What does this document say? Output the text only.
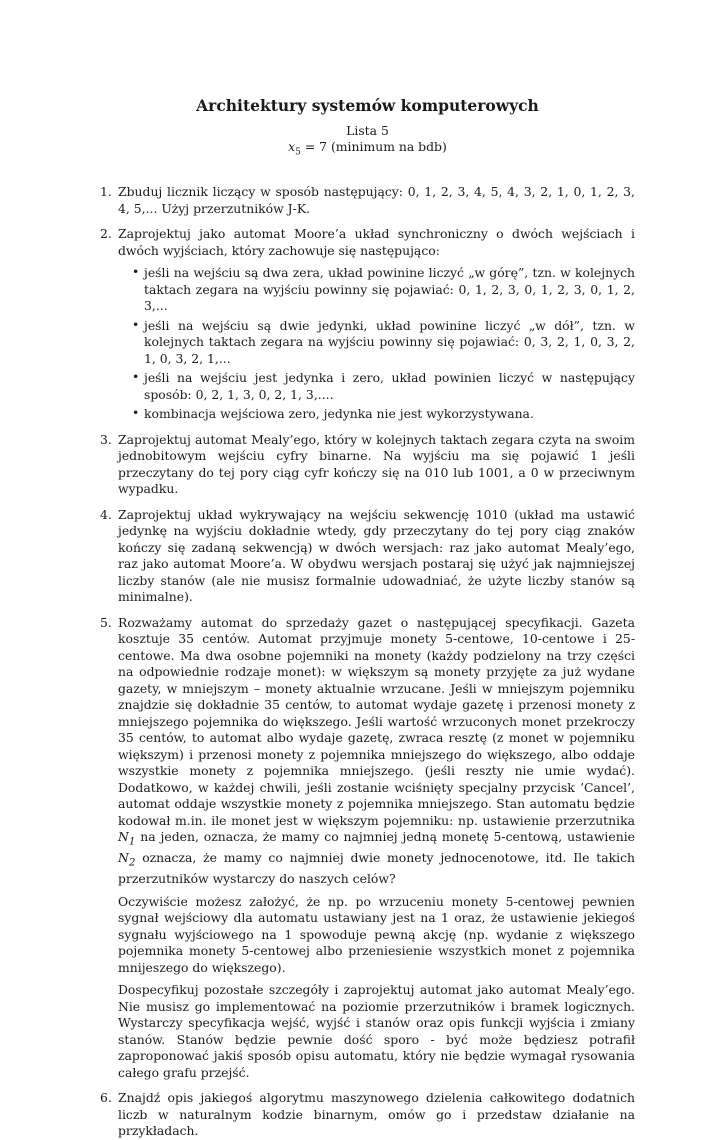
Architektury systemów komputerowych
Lista 5
$x_5 = 7$ (minimum na bdb)
1. Zbuduj licznik liczący w sposób następujący: 0, 1, 2, 3, 4, 5, 4, 3, 2, 1, 0, 1, 2, 3, 4, 5,... Użyj przerzutników J-K.
2. Zaprojektuj jako automat Moore’a układ synchroniczny o dwóch wejściach i dwóch wyjściach, który zachowuje się następująco:
• jeśli na wejściu są dwa zera, układ powinine liczyć „w górę”, tzn. w kolejnych taktach zegara na wyjściu powinny się pojawiać: 0, 1, 2, 3, 0, 1, 2, 3, 0, 1, 2, 3,...
• jeśli na wejściu są dwie jedynki, układ powinine liczyć „w dół”, tzn. w kolejnych taktach zegara na wyjściu powinny się pojawiać: 0, 3, 2, 1, 0, 3, 2, 1, 0, 3, 2, 1,...
• jeśli na wejściu jest jedynka i zero, układ powinien liczyć w następujący sposób: 0, 2, 1, 3, 0, 2, 1, 3,....
• kombinacja wejściowa zero, jedynka nie jest wykorzystywana.
3. Zaprojektuj automat Mealy’ego, który w kolejnych taktach zegara czyta na swoim jednobitowym wejściu cyfry binarne. Na wyjściu ma się pojawić 1 jeśli przeczytany do tej pory ciąg cyfr kończy się na 010 lub 1001, a 0 w przeciwnym wypadku.
4. Zaprojektuj układ wykrywający na wejściu sekwencję 1010 (układ ma ustawić jedynkę na wyjściu dokładnie wtedy, gdy przeczytany do tej pory ciąg znaków kończy się zadaną sekwencją) w dwóch wersjach: raz jako automat Mealy’ego, raz jako automat Moore’a. W obydwu wersjach postaraj się użyć jak najmniejszej liczby stanów (ale nie musisz formalnie udowadniać, że użyte liczby stanów są minimalne).
5. Rozważamy automat do sprzedaży gazet o następującej specyfikacji. Gazeta kosztuje 35 centów. Automat przyjmuje monety 5-centowe, 10-centowe i 25-centowe. Ma dwa osobne pojemniki na monety (każdy podzielony na trzy części na odpowiednie rodzaje monet): w większym są monety przyjęte za już wydane gazety, w mniejszym – monety aktualnie wrzucane. Jeśli w mniejszym pojemniku znajdzie się dokładnie 35 centów, to automat wydaje gazetę i przenosi monety z mniejszego pojemnika do większego. Jeśli wartość wrzuconych monet przekroczy 35 centów, to automat albo wydaje gazetę, zwraca resztę (z monet w pojemniku większym) i przenosi monety z pojemnika mniejszego do większego, albo oddaje wszystkie monety z pojemnika mniejszego. (jeśli reszty nie umie wydać). Dodatkowo, w każdej chwili, jeśli zostanie wciśnięty specjalny przycisk ’Cancel’, automat oddaje wszystkie monety z pojemnika mniejszego. Stan automatu będzie kodował m.in. ile monet jest w większym pojemniku: np. ustawienie przerzutnika $N_1$ na jeden, oznacza, że mamy co najmniej jedną monetę 5-centową, ustawienie $N_2$ oznacza, że mamy co najmniej dwie monety jednocenotowe, itd. Ile takich przerzutników wystarczy do naszych celów?

Oczywiście możesz założyć, że np. po wrzuceniu monety 5-centowej pewnien sygnał wejściowy dla automatu ustawiany jest na 1 oraz, że ustawienie jekiegoś sygnału wyjściowego na 1 spowoduje pewną akcję (np. wydanie z większego pojemnika monety 5-centowej albo przeniesienie wszystkich monet z pojemnika mnijeszego do większego).

Dospecyfikuj pozostałe szczegóły i zaprojektuj automat jako automat Mealy’ego. Nie musisz go implementować na poziomie przerzutników i bramek logicznych. Wystarczy specyfikacja wejść, wyjść i stanów oraz opis funkcji wyjścia i zmiany stanów. Stanów będzie pewnie dość sporo - być może będziesz potrafił zaproponować jakiś sposób opisu automatu, który nie będzie wymagał rysowania całego grafu przejść.

6. Znajdź opis jakiegoś algorytmu maszynowego dzielenia całkowitego dodatnich liczb w naturalnym kodzie binarnym, omów go i przedstaw działanie na przykładach.
